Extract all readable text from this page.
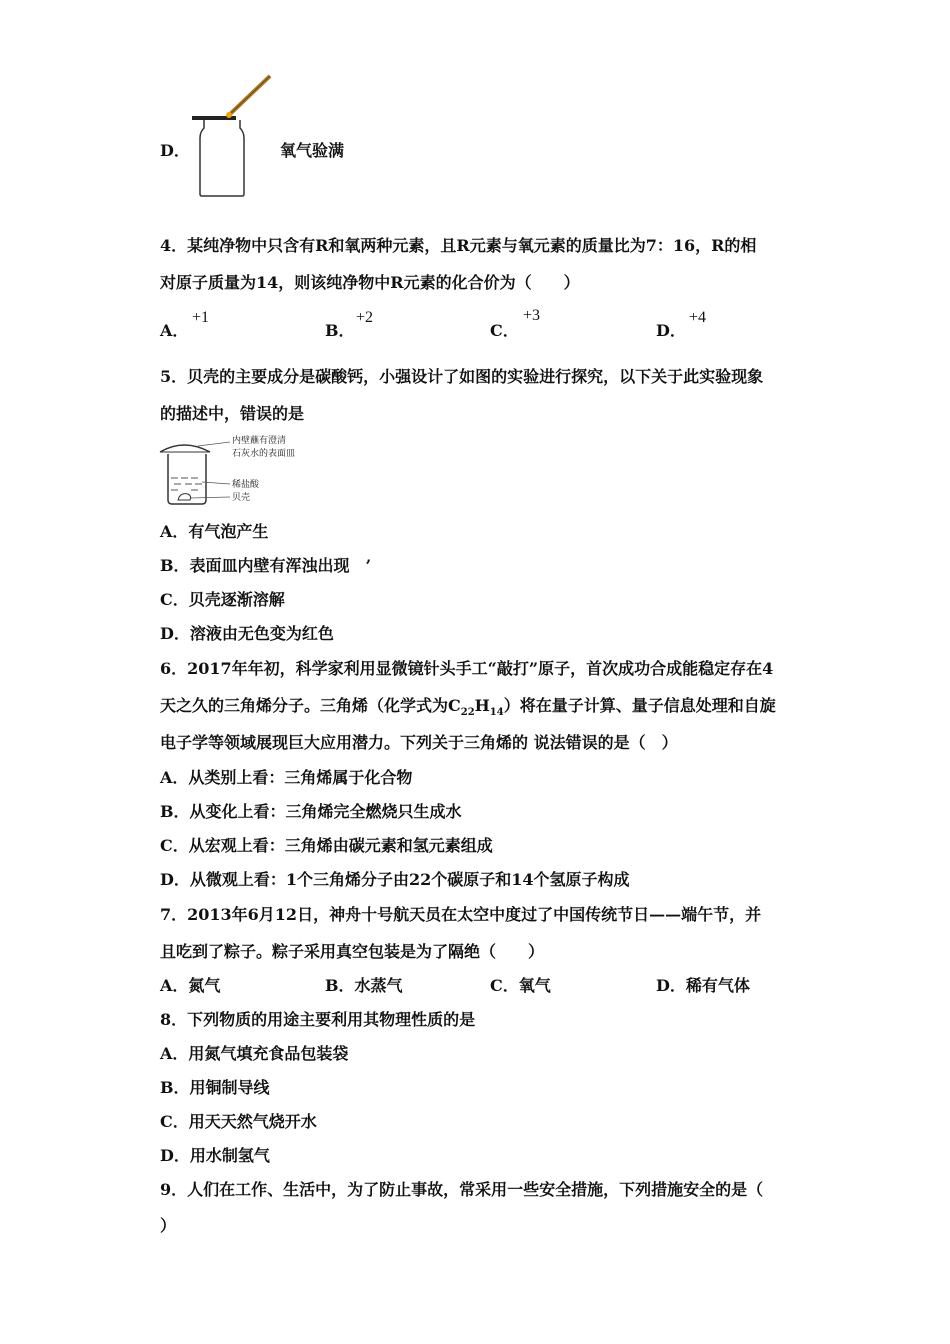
D．	氧气验满
4．某纯净物中只含有R和氧两种元素，且R元素与氧元素的质量比为7：16，R的相
对原子质量为14，则该纯净物中R元素的化合价为（　　）
A．
+1
B．
+2
C．
+3
D．
+4
5．贝壳的主要成分是碳酸钙，小强设计了如图的实验进行探究，以下关于此实验现象
的描述中，错误的是
内壁蘸有澄清
石灰水的表面皿
稀盐酸
贝壳
A．有气泡产生
B．表面皿内壁有浑浊出现　’
C．贝壳逐渐溶解
D．溶液由无色变为红色
6．2017年年初，科学家利用显微镜针头手工“敲打”原子，首次成功合成能稳定存在4
天之久的三角烯分子。三角烯（化学式为$C_{22}H_{14}$）将在量子计算、量子信息处理和自旋
电子学等领域展现巨大应用潜力。下列关于三角烯的 说法错误的是（　）
A．从类别上看：三角烯属于化合物
B．从变化上看：三角烯完全燃烧只生成水
C．从宏观上看：三角烯由碳元素和氢元素组成
D．从微观上看：1个三角烯分子由22个碳原子和14个氢原子构成
7．2013年6月12日，神舟十号航天员在太空中度过了中国传统节日——端午节，并
且吃到了粽子。粽子采用真空包装是为了隔绝（　　）
A．氮气	B．水蒸气	C．氧气	D．稀有气体
8．下列物质的用途主要利用其物理性质的是
A．用氮气填充食品包装袋
B．用铜制导线
C．用天天然气烧开水
D．用水制氢气
9．人们在工作、生活中，为了防止事故，常采用一些安全措施，下列措施安全的是（
）
